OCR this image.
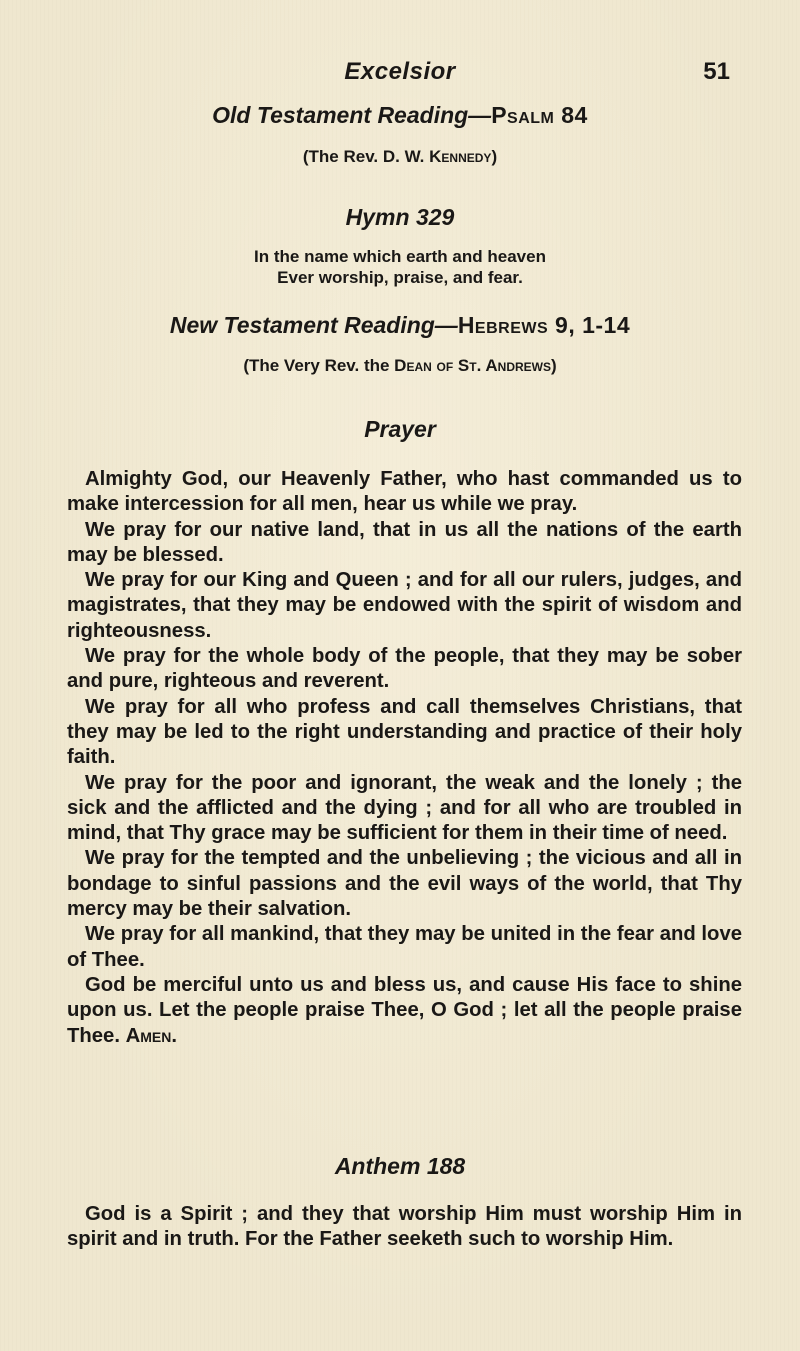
Excelsior	51
Old Testament Reading—Psalm 84
(The Rev. D. W. Kennedy)
Hymn 329
In the name which earth and heaven
Ever worship, praise, and fear.
New Testament Reading—Hebrews 9, 1-14
(The Very Rev. the Dean of St. Andrews)
Prayer

Almighty God, our Heavenly Father, who hast commanded us to make intercession for all men, hear us while we pray.

We pray for our native land, that in us all the nations of the earth may be blessed.

We pray for our King and Queen ; and for all our rulers, judges, and magistrates, that they may be endowed with the spirit of wisdom and righteousness.

We pray for the whole body of the people, that they may be sober and pure, righteous and reverent.

We pray for all who profess and call themselves Christians, that they may be led to the right understanding and practice of their holy faith.

We pray for the poor and ignorant, the weak and the lonely ; the sick and the afflicted and the dying ; and for all who are troubled in mind, that Thy grace may be sufficient for them in their time of need.

We pray for the tempted and the unbelieving ; the vicious and all in bondage to sinful passions and the evil ways of the world, that Thy mercy may be their salvation.

We pray for all mankind, that they may be united in the fear and love of Thee.

God be merciful unto us and bless us, and cause His face to shine upon us. Let the people praise Thee, O God ; let all the people praise Thee. Amen.

Anthem 188

God is a Spirit ; and they that worship Him must worship Him in spirit and in truth. For the Father seeketh such to worship Him.
